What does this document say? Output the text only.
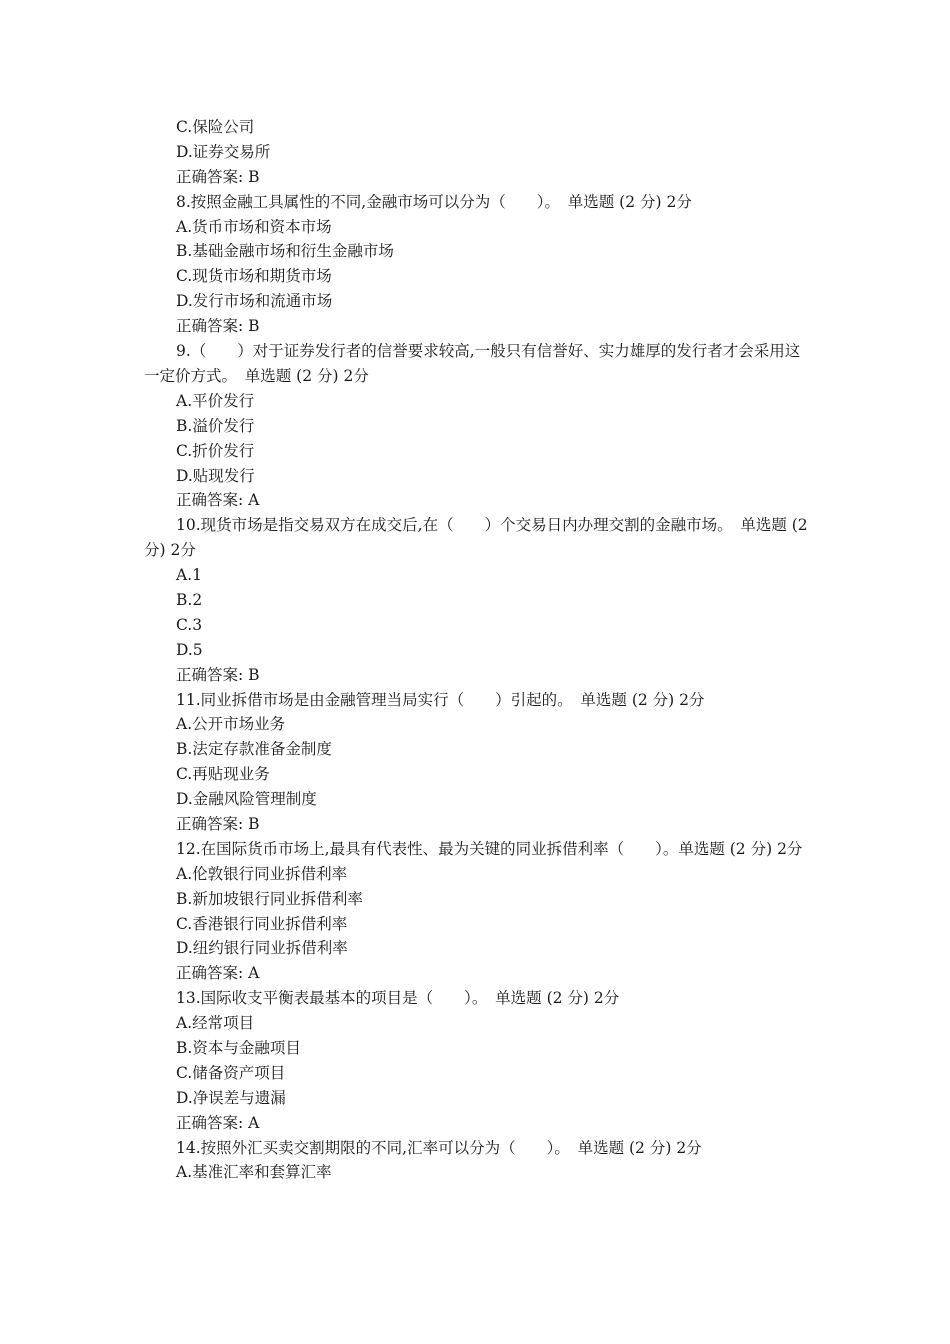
C.保险公司
D.证券交易所
正确答案: B
8.按照金融工具属性的不同,金融市场可以分为（　　）。　单选题 (2 分) 2分
A.货币市场和资本市场
B.基础金融市场和衍生金融市场
C.现货市场和期货市场
D.发行市场和流通市场
正确答案: B
9.（　　）对于证券发行者的信誉要求较高,一般只有信誉好、实力雄厚的发行者才会采用这一定价方式。　单选题 (2 分) 2分
A.平价发行
B.溢价发行
C.折价发行
D.贴现发行
正确答案: A
10.现货市场是指交易双方在成交后,在（　　）个交易日内办理交割的金融市场。　单选题 (2 分) 2分
A.1
B.2
C.3
D.5
正确答案: B
11.同业拆借市场是由金融管理当局实行（　　）引起的。　单选题 (2 分) 2分
A.公开市场业务
B.法定存款准备金制度
C.再贴现业务
D.金融风险管理制度
正确答案: B
12.在国际货币市场上,最具有代表性、最为关键的同业拆借利率（　　）。单选题 (2 分) 2分
A.伦敦银行同业拆借利率
B.新加坡银行同业拆借利率
C.香港银行同业拆借利率
D.纽约银行同业拆借利率
正确答案: A
13.国际收支平衡表最基本的项目是（　　）。　单选题 (2 分) 2分
A.经常项目
B.资本与金融项目
C.储备资产项目
D.净误差与遗漏
正确答案: A
14.按照外汇买卖交割期限的不同,汇率可以分为（　　）。　单选题 (2 分) 2分
A.基准汇率和套算汇率
